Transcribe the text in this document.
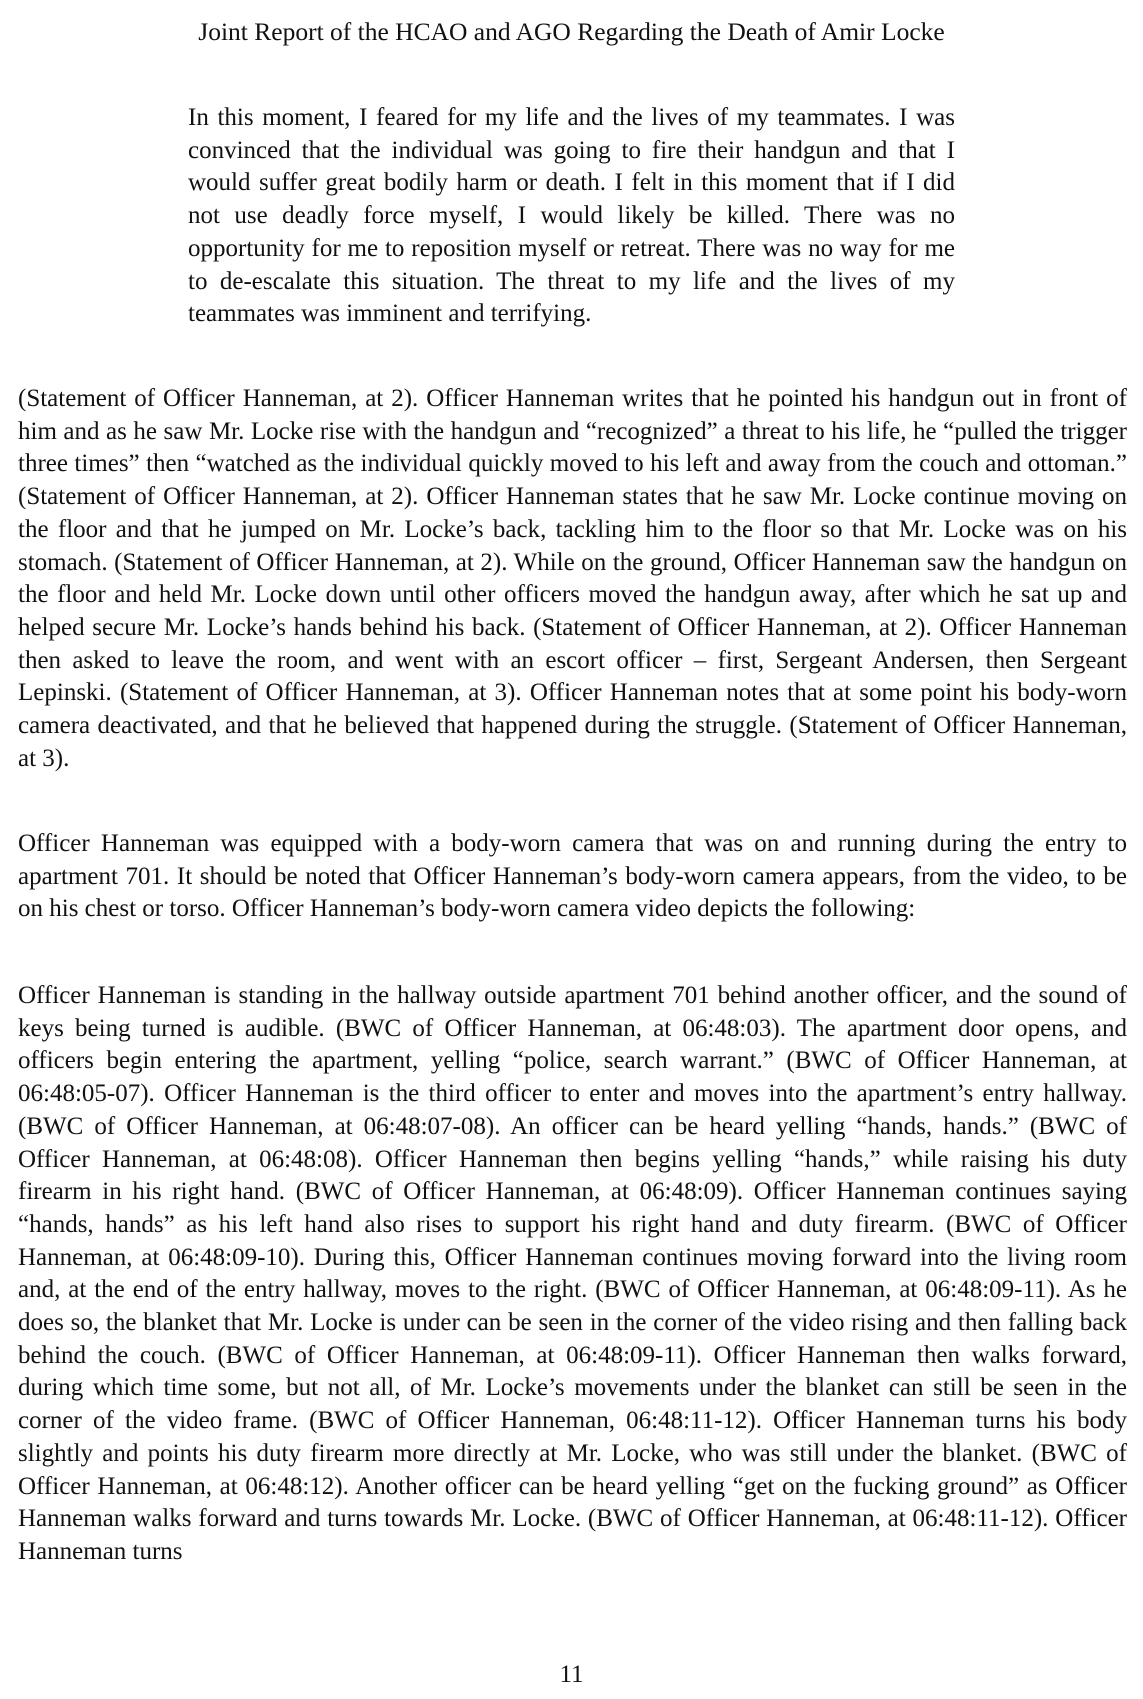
Joint Report of the HCAO and AGO Regarding the Death of Amir Locke

In this moment, I feared for my life and the lives of my teammates. I was convinced that the individual was going to fire their handgun and that I would suffer great bodily harm or death. I felt in this moment that if I did not use deadly force myself, I would likely be killed. There was no opportunity for me to reposition myself or retreat. There was no way for me to de-escalate this situation. The threat to my life and the lives of my teammates was imminent and terrifying.

(Statement of Officer Hanneman, at 2). Officer Hanneman writes that he pointed his handgun out in front of him and as he saw Mr. Locke rise with the handgun and “recognized” a threat to his life, he “pulled the trigger three times” then “watched as the individual quickly moved to his left and away from the couch and ottoman.” (Statement of Officer Hanneman, at 2). Officer Hanneman states that he saw Mr. Locke continue moving on the floor and that he jumped on Mr. Locke’s back, tackling him to the floor so that Mr. Locke was on his stomach. (Statement of Officer Hanneman, at 2). While on the ground, Officer Hanneman saw the handgun on the floor and held Mr. Locke down until other officers moved the handgun away, after which he sat up and helped secure Mr. Locke’s hands behind his back. (Statement of Officer Hanneman, at 2). Officer Hanneman then asked to leave the room, and went with an escort officer – first, Sergeant Andersen, then Sergeant Lepinski. (Statement of Officer Hanneman, at 3). Officer Hanneman notes that at some point his body-worn camera deactivated, and that he believed that happened during the struggle. (Statement of Officer Hanneman, at 3).

Officer Hanneman was equipped with a body-worn camera that was on and running during the entry to apartment 701. It should be noted that Officer Hanneman’s body-worn camera appears, from the video, to be on his chest or torso. Officer Hanneman’s body-worn camera video depicts the following:

Officer Hanneman is standing in the hallway outside apartment 701 behind another officer, and the sound of keys being turned is audible. (BWC of Officer Hanneman, at 06:48:03). The apartment door opens, and officers begin entering the apartment, yelling “police, search warrant.” (BWC of Officer Hanneman, at 06:48:05-07). Officer Hanneman is the third officer to enter and moves into the apartment’s entry hallway. (BWC of Officer Hanneman, at 06:48:07-08). An officer can be heard yelling “hands, hands.” (BWC of Officer Hanneman, at 06:48:08). Officer Hanneman then begins yelling “hands,” while raising his duty firearm in his right hand. (BWC of Officer Hanneman, at 06:48:09). Officer Hanneman continues saying “hands, hands” as his left hand also rises to support his right hand and duty firearm. (BWC of Officer Hanneman, at 06:48:09-10). During this, Officer Hanneman continues moving forward into the living room and, at the end of the entry hallway, moves to the right. (BWC of Officer Hanneman, at 06:48:09-11). As he does so, the blanket that Mr. Locke is under can be seen in the corner of the video rising and then falling back behind the couch. (BWC of Officer Hanneman, at 06:48:09-11). Officer Hanneman then walks forward, during which time some, but not all, of Mr. Locke’s movements under the blanket can still be seen in the corner of the video frame. (BWC of Officer Hanneman, 06:48:11-12). Officer Hanneman turns his body slightly and points his duty firearm more directly at Mr. Locke, who was still under the blanket. (BWC of Officer Hanneman, at 06:48:12). Another officer can be heard yelling “get on the fucking ground” as Officer Hanneman walks forward and turns towards Mr. Locke. (BWC of Officer Hanneman, at 06:48:11-12). Officer Hanneman turns

11
